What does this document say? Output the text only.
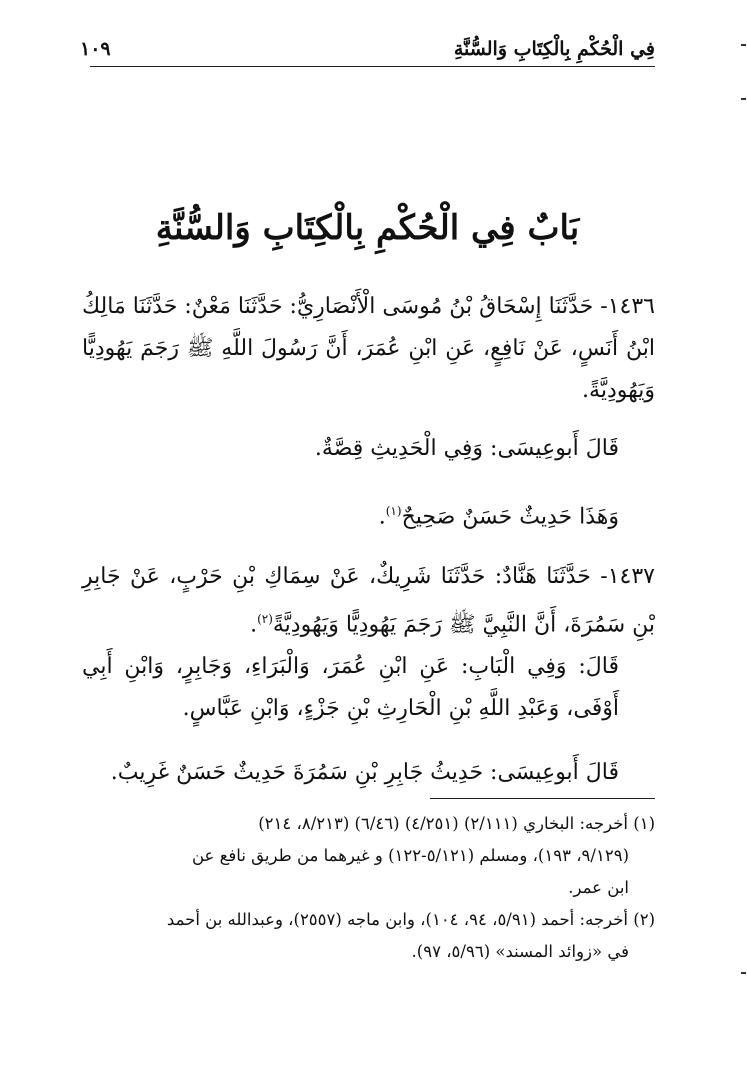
فِي الْحُكْمِ بِالْكِتَابِ وَالسُّنَّةِ
١٠٩
بَابٌ فِي الْحُكْمِ بِالْكِتَابِ وَالسُّنَّةِ

١٤٣٦- حَدَّثَنَا إِسْحَاقُ بْنُ مُوسَى الْأَنْصَارِيُّ: حَدَّثَنَا مَعْنٌ: حَدَّثَنَا مَالِكُ ابْنُ أَنَسٍ، عَنْ نَافِعٍ، عَنِ ابْنِ عُمَرَ، أَنَّ رَسُولَ اللَّهِ ﷺ رَجَمَ يَهُودِيًّا وَيَهُودِيَّةً.

قَالَ أَبوعِيسَى: وَفِي الْحَدِيثِ قِصَّةٌ.

وَهَذَا حَدِيثٌ حَسَنٌ صَحِيحٌ$^{(١)}$.

١٤٣٧- حَدَّثَنَا هَنَّادٌ: حَدَّثَنَا شَرِيكٌ، عَنْ سِمَاكِ بْنِ حَرْبٍ، عَنْ جَابِرِ بْنِ سَمُرَةَ، أَنَّ النَّبِيَّ ﷺ رَجَمَ يَهُودِيًّا وَيَهُودِيَّةً$^{(٢)}$.

قَالَ: وَفِي الْبَابِ: عَنِ ابْنِ عُمَرَ، وَالْبَرَاءِ، وَجَابِرٍ، وَابْنِ أَبِي أَوْفَى، وَعَبْدِ اللَّهِ بْنِ الْحَارِثِ بْنِ جَزْءٍ، وَابْنِ عَبَّاسٍ.

قَالَ أَبوعِيسَى: حَدِيثُ جَابِرِ بْنِ سَمُرَةَ حَدِيثٌ حَسَنٌ غَرِيبٌ.

(١) أخرجه: البخاري (٢/١١١) (٤/٢٥١) (٦/٤٦) (٨/٢١٣، ٢١٤)

(٩/١٢٩، ١٩٣)، ومسلم (٥/١٢١-١٢٢) و غيرهما من طريق نافع عن

ابن عمر.

(٢) أخرجه: أحمد (٥/٩١، ٩٤، ١٠٤)، وابن ماجه (٢٥٥٧)، وعبدالله بن أحمد

في «زوائد المسند» (٥/٩٦، ٩٧).
